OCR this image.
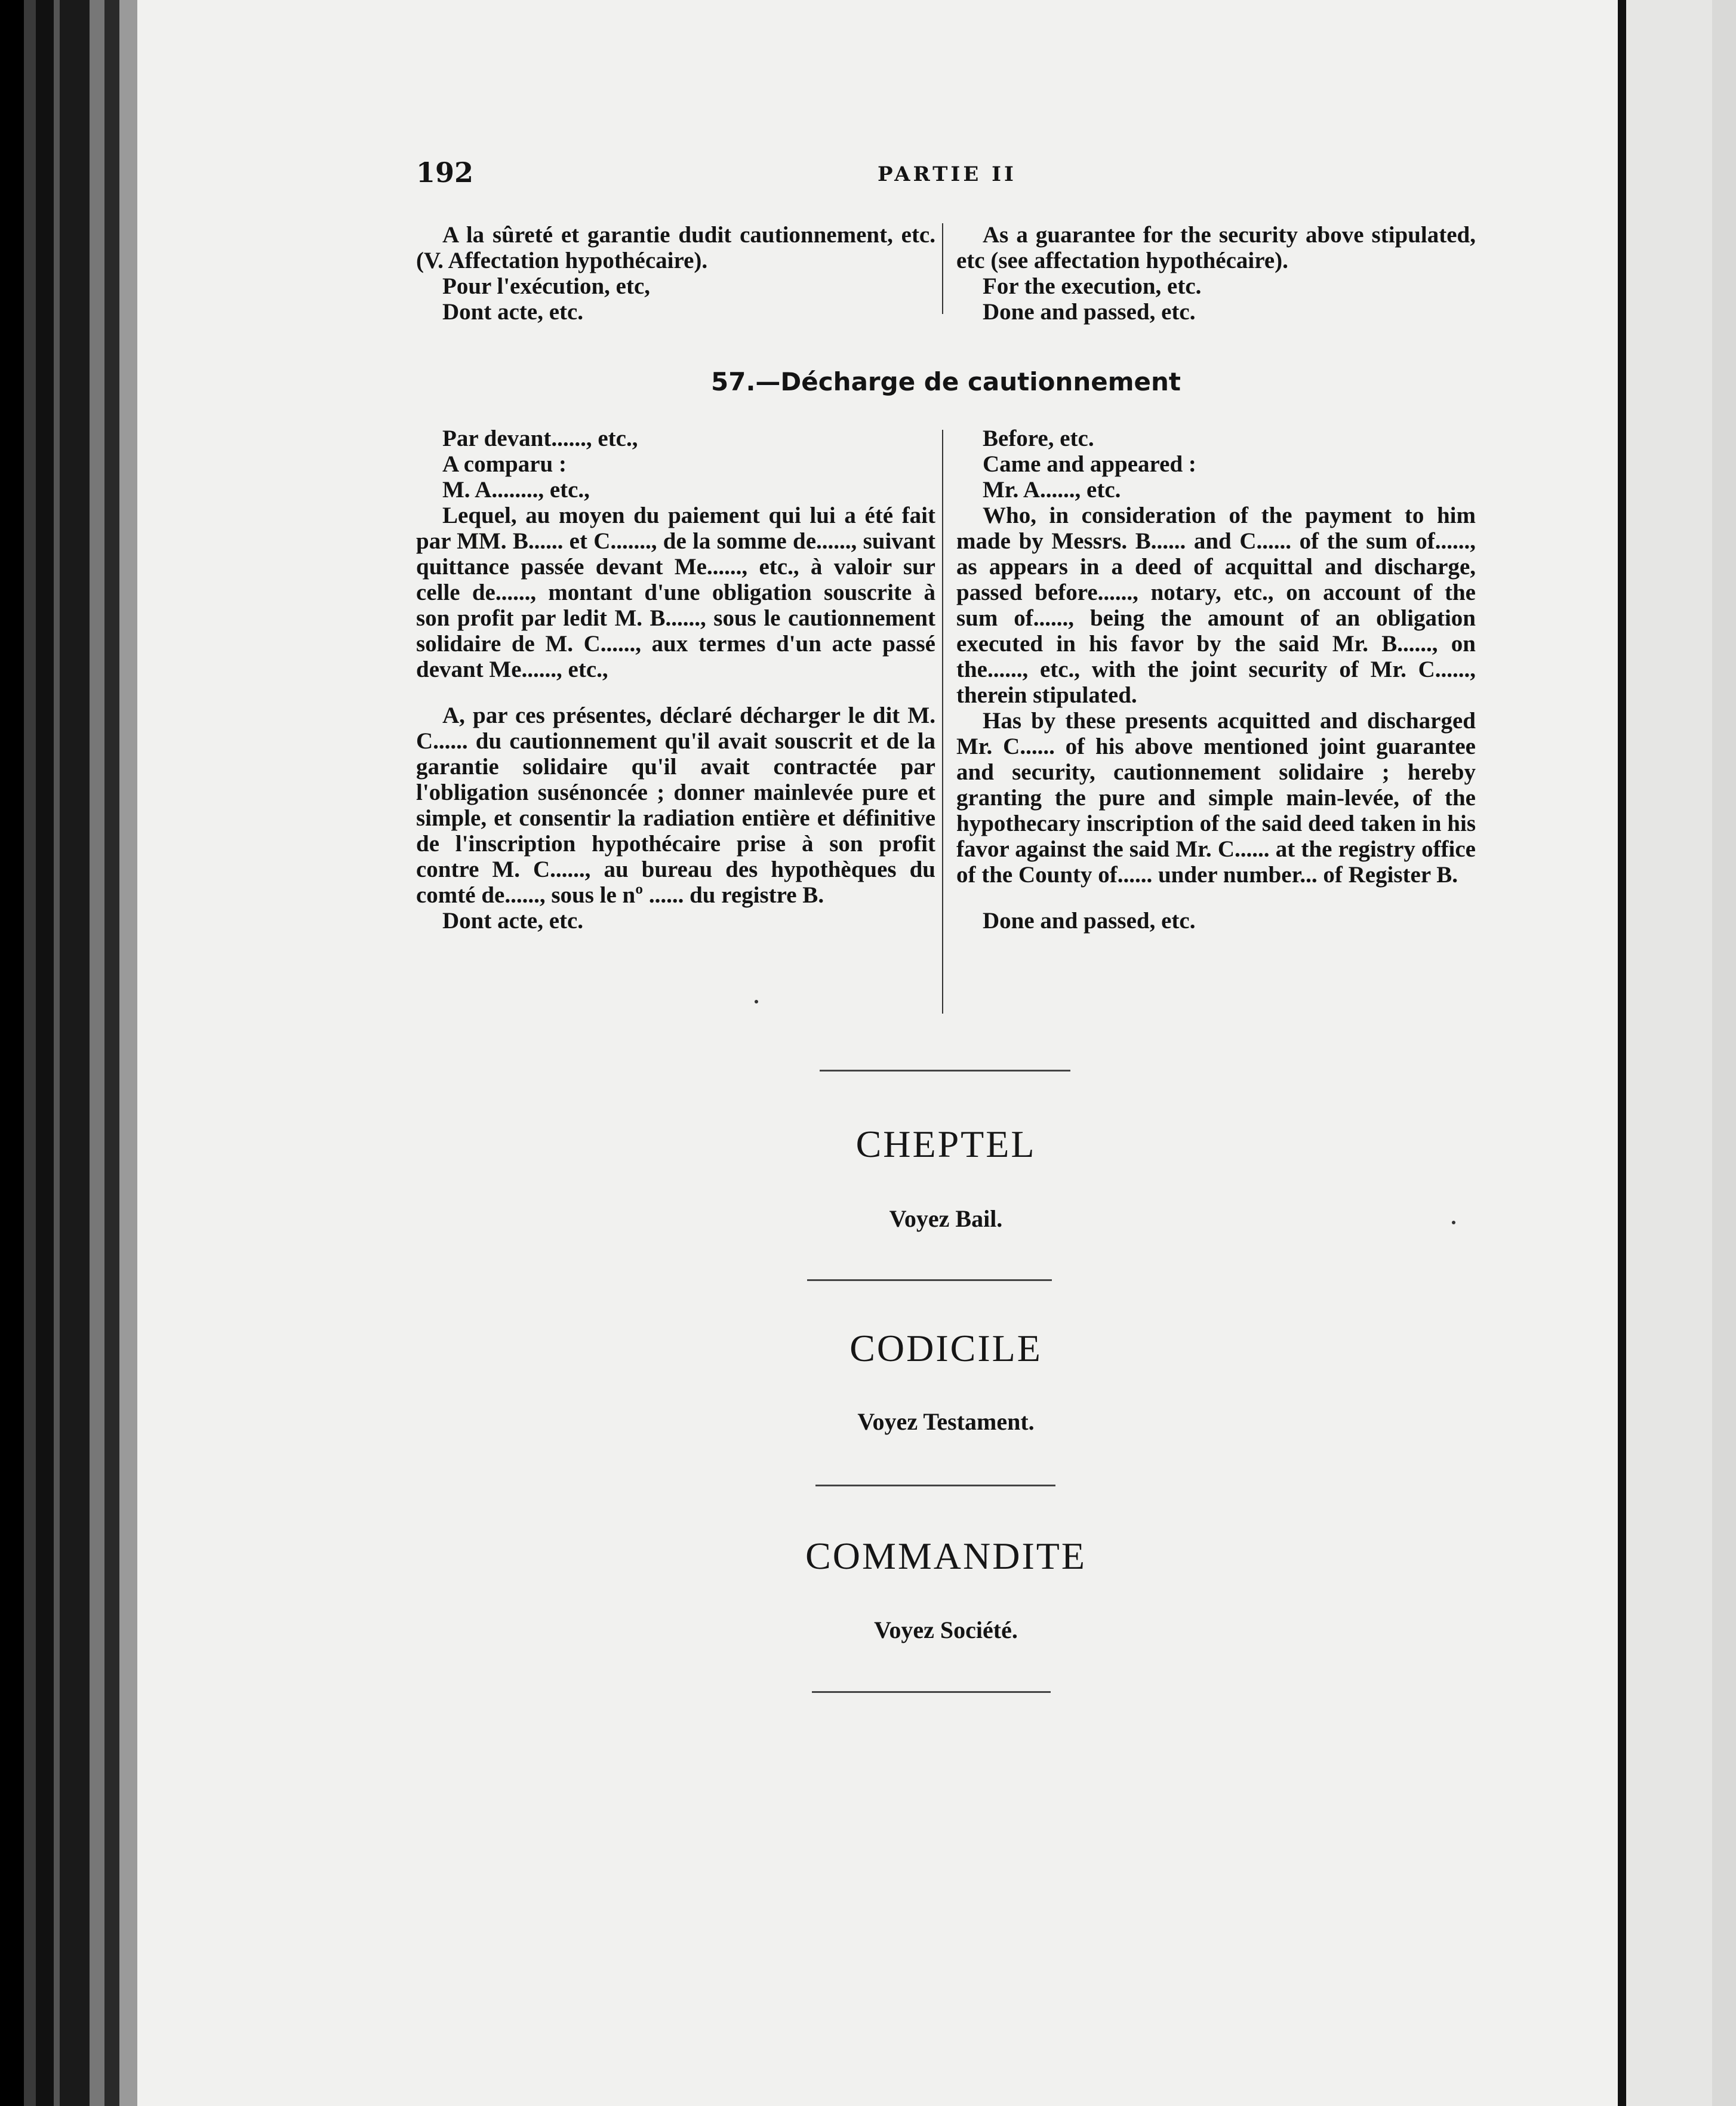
192	PARTIE II

A la sûreté et garantie dudit cautionnement, etc. (V. Affectation hypothécaire).

Pour l'exécution, etc,

Dont acte, etc.

As a guarantee for the security above stipulated, etc (see affectation hypothécaire).

For the execution, etc.

Done and passed, etc.

57.—Décharge de cautionnement

Par devant......, etc.,

A comparu :

M. A........, etc.,

Lequel, au moyen du paiement qui lui a été fait par MM. B...... et C......., de la somme de......, suivant quittance passée devant Me......, etc., à valoir sur celle de......, montant d'une obligation souscrite à son profit par ledit M. B......, sous le cautionnement solidaire de M. C......, aux termes d'un acte passé devant Me......, etc.,

A, par ces présentes, déclaré décharger le dit M. C...... du cautionnement qu'il avait souscrit et de la garantie solidaire qu'il avait contractée par l'obligation susénoncée ; donner mainlevée pure et simple, et consentir la radiation entière et définitive de l'inscription hypothécaire prise à son profit contre M. C......, au bureau des hypothèques du comté de......, sous le nº ...... du registre B.

Dont acte, etc.

Before, etc.

Came and appeared :

Mr. A......, etc.

Who, in consideration of the payment to him made by Messrs. B...... and C...... of the sum of......, as appears in a deed of acquittal and discharge, passed before......, notary, etc., on account of the sum of......, being the amount of an obligation executed in his favor by the said Mr. B......, on the......, etc., with the joint security of Mr. C......, therein stipulated.

Has by these presents acquitted and discharged Mr. C...... of his above mentioned joint guarantee and security, cautionnement solidaire ; hereby granting the pure and simple main-levée, of the hypothecary inscription of the said deed taken in his favor against the said Mr. C...... at the registry office of the County of...... under number... of Register B.

Done and passed, etc.

CHEPTEL
Voyez Bail.
CODICILE
Voyez Testament.
COMMANDITE
Voyez Société.
